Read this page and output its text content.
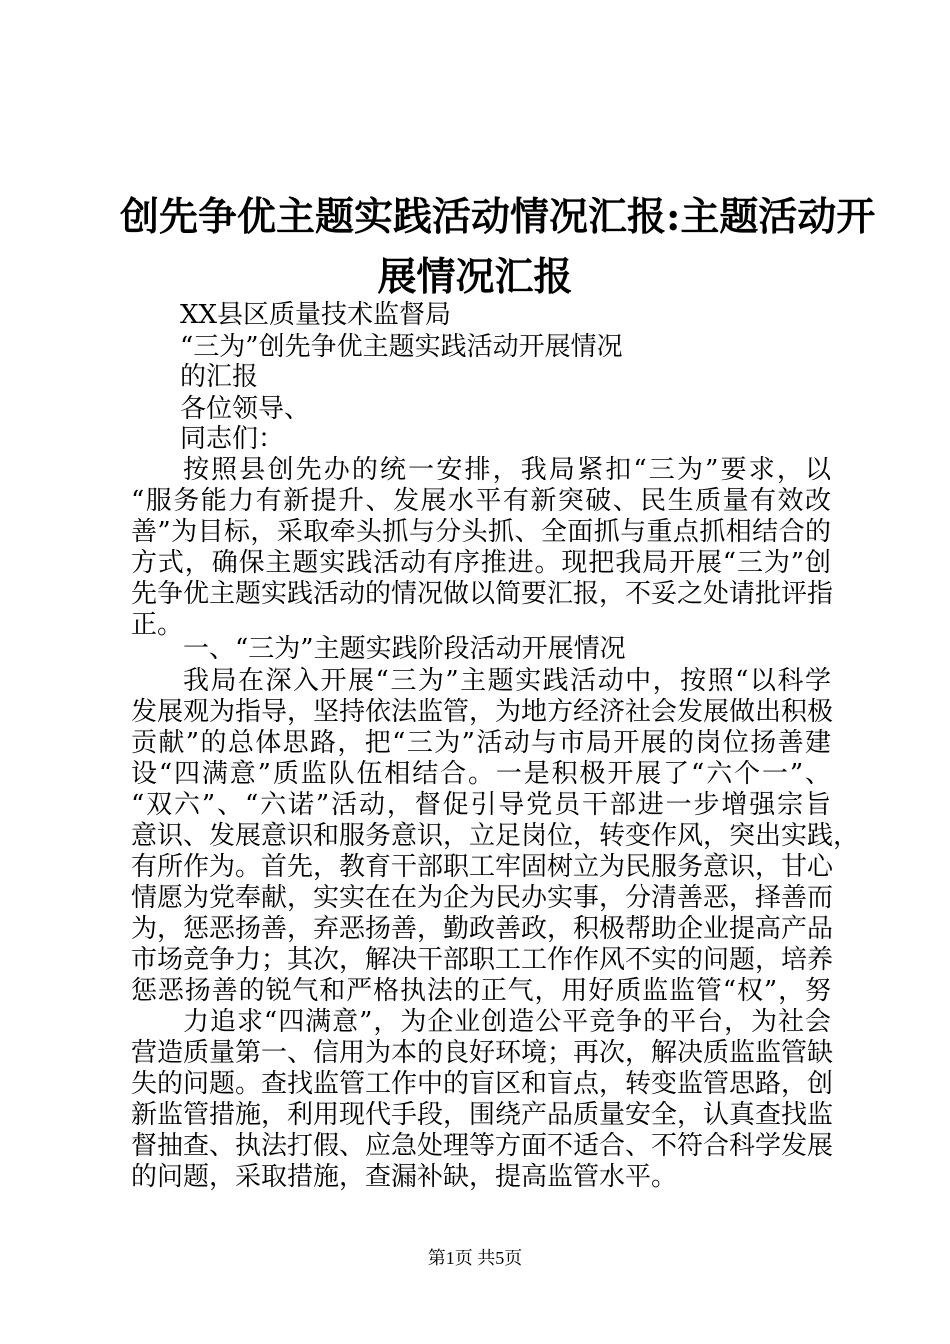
创先争优主题实践活动情况汇报:主题活动开
展情况汇报

XX县区质量技术监督局

“三为”创先争优主题实践活动开展情况

的汇报

各位领导、

同志们：

按照县创先办的统一安排，我局紧扣“三为”要求，以

“服务能力有新提升、发展水平有新突破、民生质量有效改

善”为目标，采取牵头抓与分头抓、全面抓与重点抓相结合的

方式，确保主题实践活动有序推进。现把我局开展“三为”创

先争优主题实践活动的情况做以简要汇报，不妥之处请批评指

正。

一、“三为”主题实践阶段活动开展情况

我局在深入开展“三为”主题实践活动中，按照“以科学

发展观为指导，坚持依法监管，为地方经济社会发展做出积极

贡献”的总体思路，把“三为”活动与市局开展的岗位扬善建

设“四满意”质监队伍相结合。一是积极开展了“六个一”、

“双六”、“六诺”活动，督促引导党员干部进一步增强宗旨

意识、发展意识和服务意识，立足岗位，转变作风，突出实践，

有所作为。首先，教育干部职工牢固树立为民服务意识，甘心

情愿为党奉献，实实在在为企为民办实事，分清善恶，择善而

为，惩恶扬善，弃恶扬善，勤政善政，积极帮助企业提高产品

市场竞争力；其次，解决干部职工工作作风不实的问题，培养

惩恶扬善的锐气和严格执法的正气，用好质监监管“权”，努

力追求“四满意”，为企业创造公平竞争的平台，为社会

营造质量第一、信用为本的良好环境；再次，解决质监监管缺

失的问题。查找监管工作中的盲区和盲点，转变监管思路，创

新监管措施，利用现代手段，围绕产品质量安全，认真查找监

督抽查、执法打假、应急处理等方面不适合、不符合科学发展

的问题，采取措施，查漏补缺，提高监管水平。

第1页 共5页
